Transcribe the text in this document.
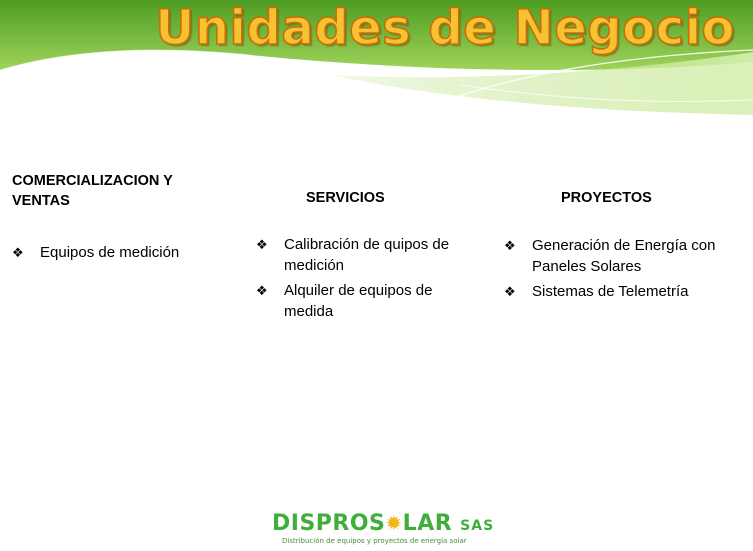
Unidades de Negocio
COMERCIALIZACION Y VENTAS
❖ Equipos de medición
SERVICIOS
❖ Calibración de quipos de medición
❖ Alquiler de equipos de medida
PROYECTOS
❖ Generación de Energía con Paneles Solares
❖ Sistemas de Telemetría
DISPROS✹LAR SAS
Distribución de equipos y proyectos de energía solar
